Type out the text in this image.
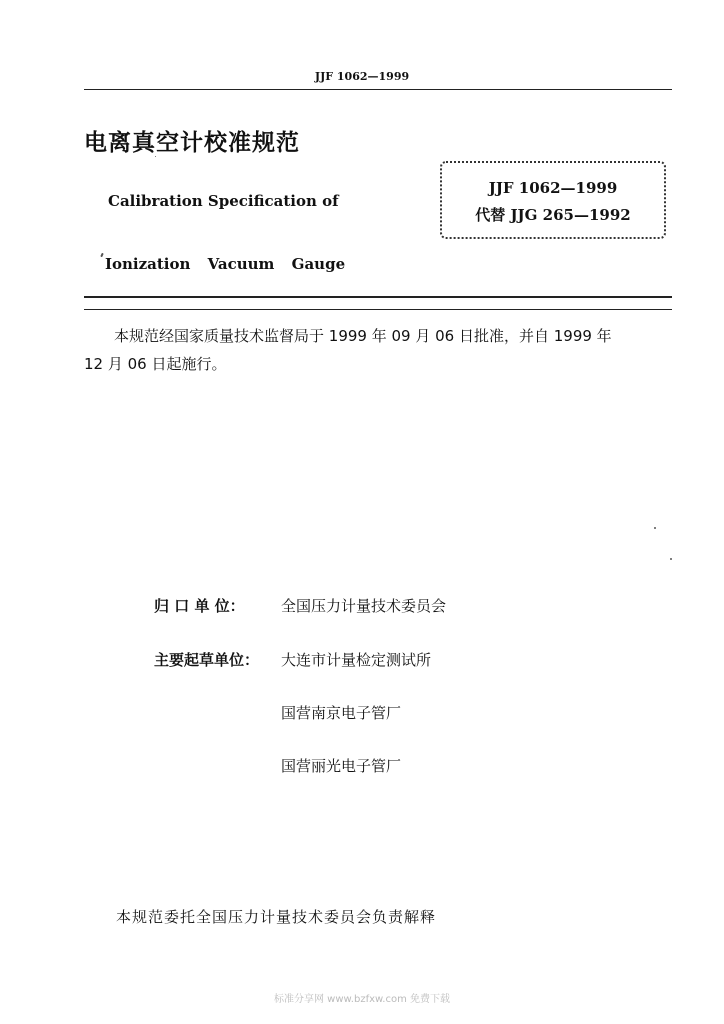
JJF 1062—1999
电离真空计校准规范
Calibration Specification of
Ionization Vacuum Gauge
JJF 1062—1999
代替 JJG 265—1992
本规范经国家质量技术监督局于 1999 年 09 月 06 日批准，并自 1999 年
12 月 06 日起施行。
归 口 单 位： 全国压力计量技术委员会
主要起草单位： 大连市计量检定测试所
国营南京电子管厂
国营丽光电子管厂
本规范委托全国压力计量技术委员会负责解释
标准分享网 www.bzfxw.com 免费下载
